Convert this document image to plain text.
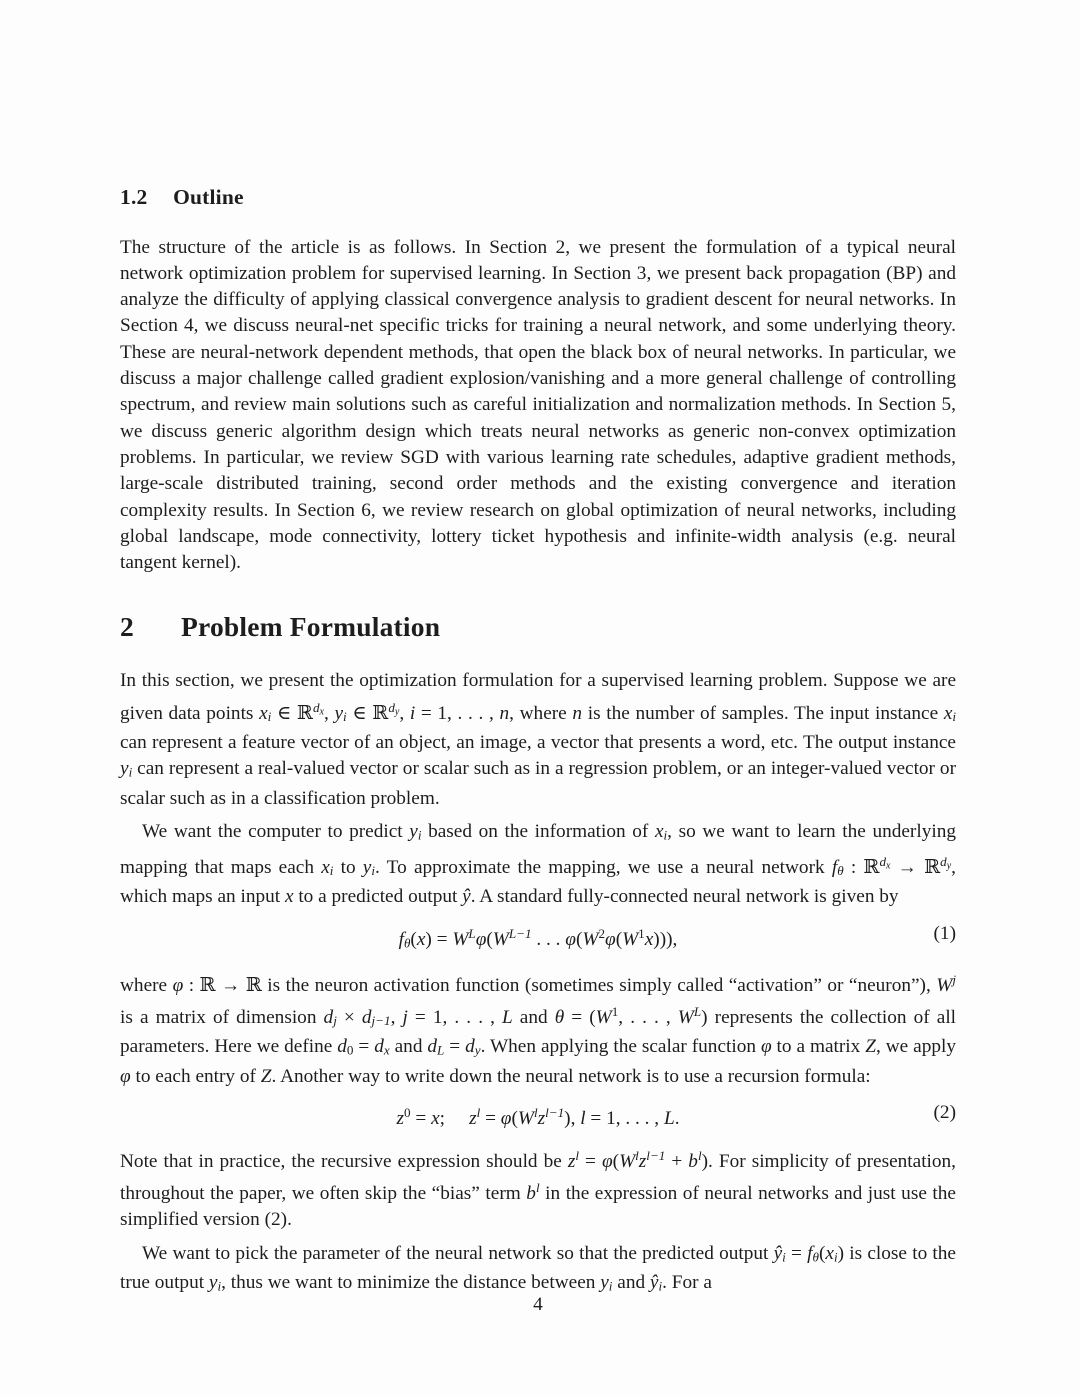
1.2 Outline

The structure of the article is as follows. In Section 2, we present the formulation of a typical neural network optimization problem for supervised learning. In Section 3, we present back propagation (BP) and analyze the difficulty of applying classical convergence analysis to gradient descent for neural networks. In Section 4, we discuss neural-net specific tricks for training a neural network, and some underlying theory. These are neural-network dependent methods, that open the black box of neural networks. In particular, we discuss a major challenge called gradient explosion/vanishing and a more general challenge of controlling spectrum, and review main solutions such as careful initialization and normalization methods. In Section 5, we discuss generic algorithm design which treats neural networks as generic non-convex optimization problems. In particular, we review SGD with various learning rate schedules, adaptive gradient methods, large-scale distributed training, second order methods and the existing convergence and iteration complexity results. In Section 6, we review research on global optimization of neural networks, including global landscape, mode connectivity, lottery ticket hypothesis and infinite-width analysis (e.g. neural tangent kernel).

2 Problem Formulation

In this section, we present the optimization formulation for a supervised learning problem. Suppose we are given data points xi ∈ ℝ$^{dx}$, yi ∈ ℝ$^{dy}$, i = 1, . . . , n, where n is the number of samples. The input instance xi can represent a feature vector of an object, an image, a vector that presents a word, etc. The output instance yi can represent a real-valued vector or scalar such as in a regression problem, or an integer-valued vector or scalar such as in a classification problem.

We want the computer to predict yi based on the information of xi, so we want to learn the underlying mapping that maps each xi to yi. To approximate the mapping, we use a neural network fθ : ℝ$^{dx}$ → ℝ$^{dy}$, which maps an input x to a predicted output ŷ. A standard fully-connected neural network is given by

$f\theta(x) = W^L\varphi(W^{L-1}$ . . . $\varphi(W^2\varphi(W^1x))$),	(1)

where φ : ℝ → ℝ is the neuron activation function (sometimes simply called “activation” or “neuron”), $W^j$ is a matrix of dimension dj × dj−1, j = 1, . . . , L and $\theta = (W^1$, . . . , $W^L$) represents the collection of all parameters. Here we define d0 = dx and dL = dy. When applying the scalar function φ to a matrix Z, we apply φ to each entry of Z. Another way to write down the neural network is to use a recursion formula:

$z^0 = x$;  $z^l = \varphi(W^lz^{l-1})$, l = 1, . . . , L.	(2)

Note that in practice, the recursive expression should be $z^l = \varphi(W^lz^{l-1} + b^l)$. For simplicity of presentation, throughout the paper, we often skip the “bias” term $b^l$ in the expression of neural networks and just use the simplified version (2).

We want to pick the parameter of the neural network so that the predicted output ŷi = fθ(xi) is close to the true output yi, thus we want to minimize the distance between yi and ŷi. For a

4
